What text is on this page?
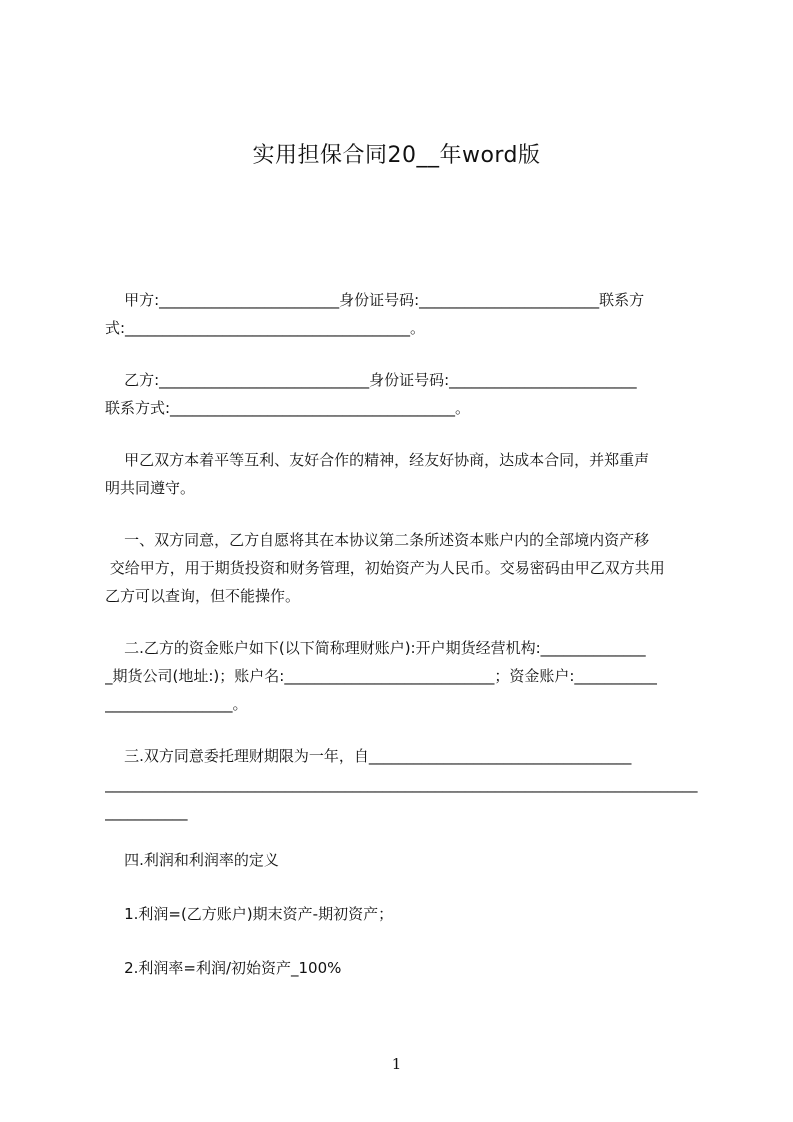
实用担保合同20__年word版
甲方:________________________身份证号码:________________________联系方
式:______________________________________。
乙方:____________________________身份证号码:_________________________
联系方式:______________________________________。
甲乙双方本着平等互利、友好合作的精神，经友好协商，达成本合同，并郑重声
明共同遵守。
一、双方同意，乙方自愿将其在本协议第二条所述资本账户内的全部境内资产移
交给甲方，用于期货投资和财务管理，初始资产为人民币。交易密码由甲乙双方共用
乙方可以查询，但不能操作。
二.乙方的资金账户如下(以下简称理财账户):开户期货经营机构:______________
_期货公司(地址:)；账户名:____________________________；资金账户:___________
_________________。
三.双方同意委托理财期限为一年，自___________________________________
_______________________________________________________________________________
___________
四.利润和利润率的定义
1.利润=(乙方账户)期末资产-期初资产；
2.利润率=利润/初始资产_100%
1
